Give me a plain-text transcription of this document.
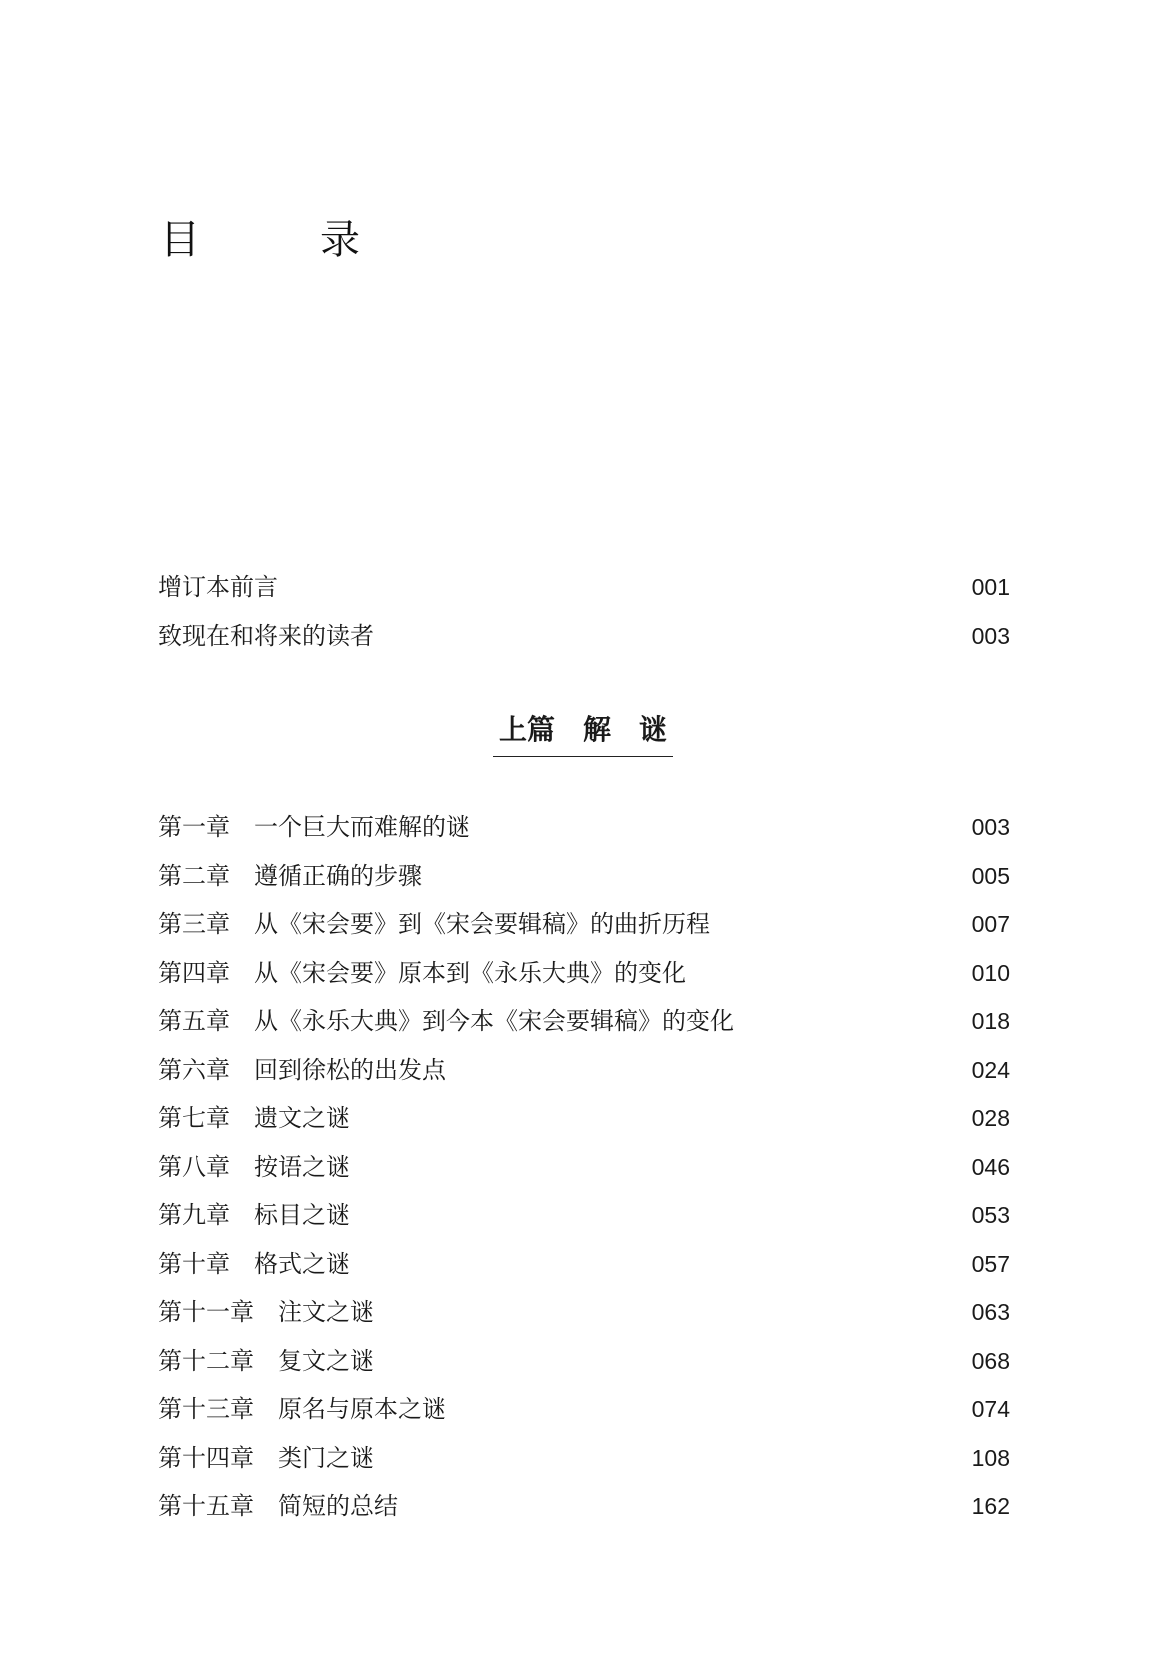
目　录
增订本前言	001
致现在和将来的读者	003
上篇　解　谜
第一章 一个巨大而难解的谜	003
第二章 遵循正确的步骤	005
第三章 从《宋会要》到《宋会要辑稿》的曲折历程	007
第四章 从《宋会要》原本到《永乐大典》的变化	010
第五章 从《永乐大典》到今本《宋会要辑稿》的变化	018
第六章 回到徐松的出发点	024
第七章 遗文之谜	028
第八章 按语之谜	046
第九章 标目之谜	053
第十章 格式之谜	057
第十一章 注文之谜	063
第十二章 复文之谜	068
第十三章 原名与原本之谜	074
第十四章 类门之谜	108
第十五章 简短的总结	162
